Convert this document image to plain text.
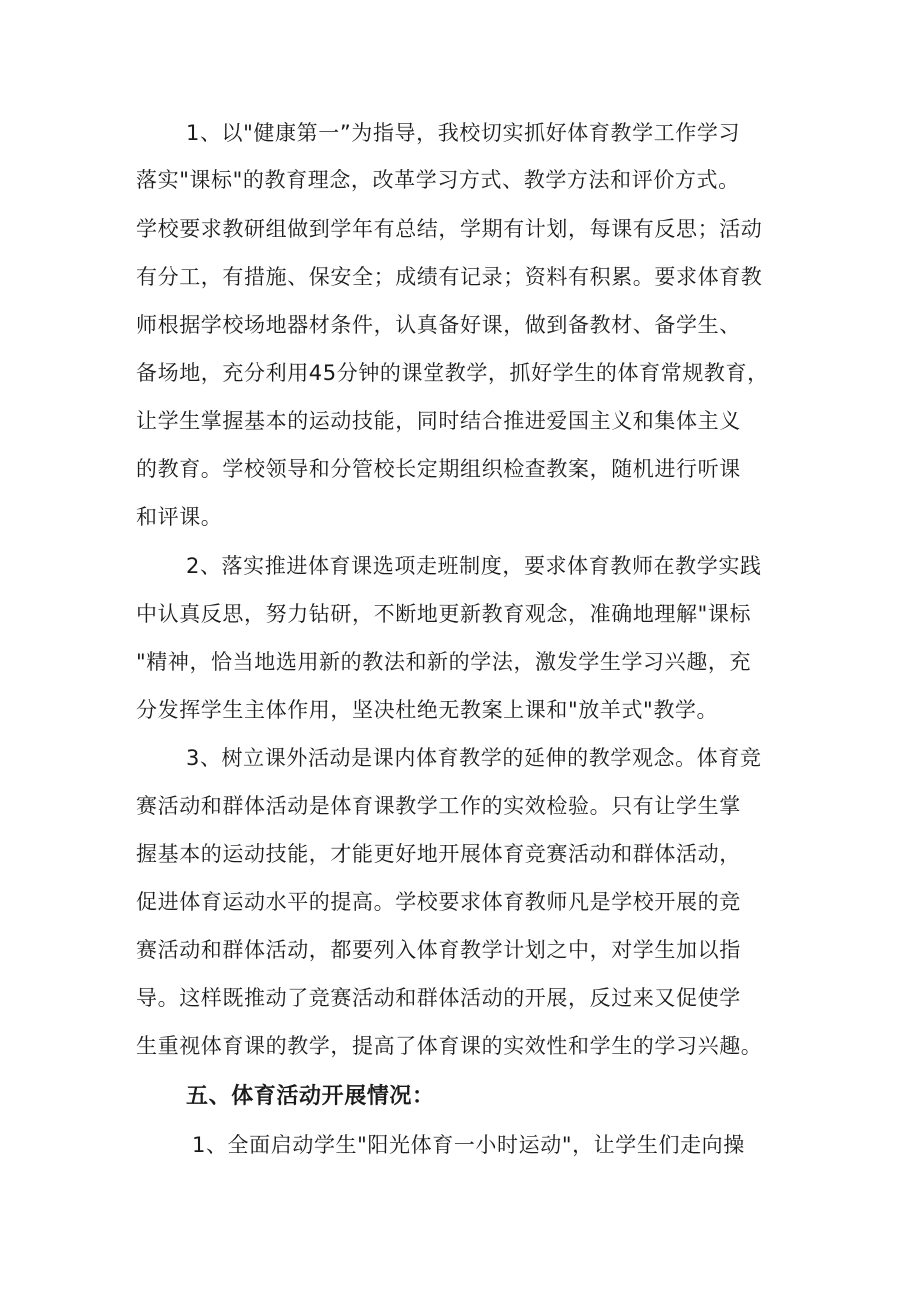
1、以"健康第一”为指导，我校切实抓好体育教学工作学习
落实"课标"的教育理念，改革学习方式、教学方法和评价方式。
学校要求教研组做到学年有总结，学期有计划，每课有反思；活动
有分工，有措施、保安全；成绩有记录；资料有积累。要求体育教
师根据学校场地器材条件，认真备好课，做到备教材、备学生、
备场地，充分利用45分钟的课堂教学，抓好学生的体育常规教育，
让学生掌握基本的运动技能，同时结合推进爱国主义和集体主义
的教育。学校领导和分管校长定期组织检查教案，随机进行听课
和评课。
2、落实推进体育课选项走班制度，要求体育教师在教学实践
中认真反思，努力钻研，不断地更新教育观念，准确地理解"课标
"精神，恰当地选用新的教法和新的学法，激发学生学习兴趣，充
分发挥学生主体作用，坚决杜绝无教案上课和"放羊式"教学。
3、树立课外活动是课内体育教学的延伸的教学观念。体育竞
赛活动和群体活动是体育课教学工作的实效检验。只有让学生掌
握基本的运动技能，才能更好地开展体育竞赛活动和群体活动，
促进体育运动水平的提高。学校要求体育教师凡是学校开展的竞
赛活动和群体活动，都要列入体育教学计划之中，对学生加以指
导。这样既推动了竞赛活动和群体活动的开展，反过来又促使学
生重视体育课的教学，提高了体育课的实效性和学生的学习兴趣。
五、体育活动开展情况：
1、全面启动学生"阳光体育一小时运动"，让学生们走向操
